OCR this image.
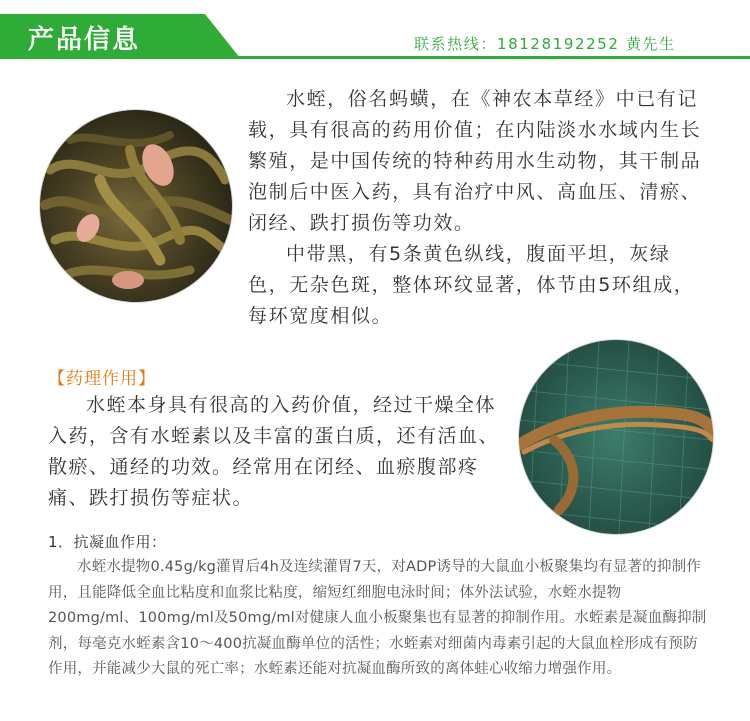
产品信息	联系热线：18128192252 黄先生

水蛭，俗名蚂蟥，在《神农本草经》中已有记载，具有很高的药用价值；在内陆淡水水域内生长繁殖，是中国传统的特种药用水生动物，其干制品泡制后中医入药，具有治疗中风、高血压、清瘀、闭经、跌打损伤等功效。

中带黑，有5条黄色纵线，腹面平坦，灰绿色，无杂色斑，整体环纹显著，体节由5环组成，每环宽度相似。

【药理作用】

水蛭本身具有很高的入药价值，经过干燥全体入药，含有水蛭素以及丰富的蛋白质，还有活血、散瘀、通经的功效。经常用在闭经、血瘀腹部疼痛、跌打损伤等症状。

1．抗凝血作用：

水蛭水提物0.45g/kg灌胃后4h及连续灌胃7天，对ADP诱导的大鼠血小板聚集均有显著的抑制作用，且能降低全血比粘度和血浆比粘度，缩短红细胞电泳时间；体外法试验，水蛭水提物200mg/ml、100mg/ml及50mg/ml对健康人血小板聚集也有显著的抑制作用。水蛭素是凝血酶抑制剂，每毫克水蛭素含10～400抗凝血酶单位的活性；水蛭素对细菌内毒素引起的大鼠血栓形成有预防作用，并能减少大鼠的死亡率；水蛭素还能对抗凝血酶所致的离体蛙心收缩力增强作用。
